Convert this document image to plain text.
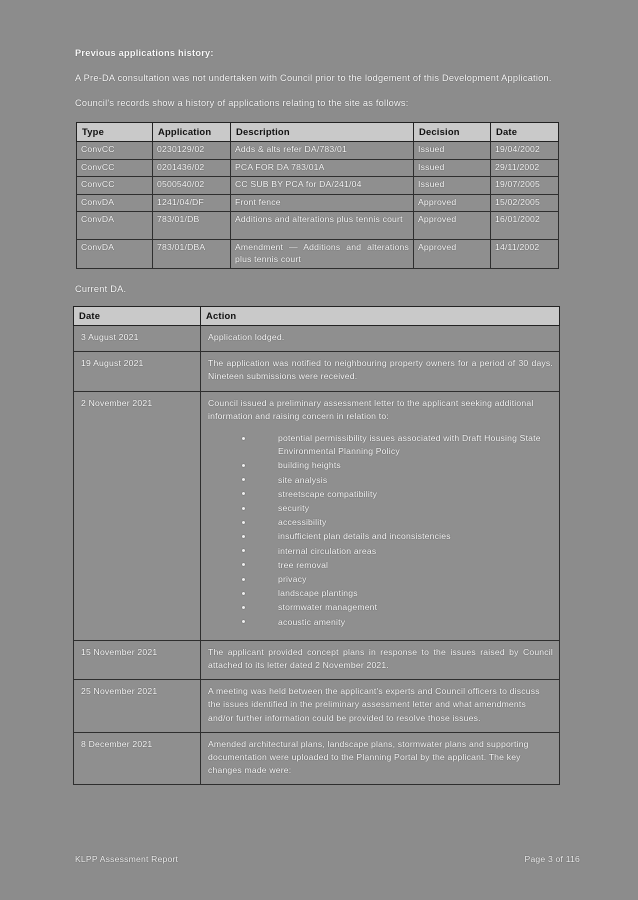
Previous applications history:

A Pre-DA consultation was not undertaken with Council prior to the lodgement of this Development Application.

Council's records show a history of applications relating to the site as follows:

Type	Application	Description	Decision	Date
ConvCC	0230129/02	Adds & alts refer DA/783/01	Issued	19/04/2002
ConvCC	0201436/02	PCA FOR DA 783/01A	Issued	29/11/2002
ConvCC	0500540/02	CC SUB BY PCA for DA/241/04	Issued	19/07/2005
ConvDA	1241/04/DF	Front fence	Approved	15/02/2005
ConvDA	783/01/DB	Additions and alterations plus tennis court	Approved	16/01/2002
ConvDA	783/01/DBA	Amendment — Additions and alterations plus tennis court	Approved	14/11/2002

Current DA.

Date	Action
3 August 2021	Application lodged.
19 August 2021	The application was notified to neighbouring property owners for a period of 30 days. Nineteen submissions were received.
2 November 2021	Council issued a preliminary assessment letter to the applicant seeking additional information and raising concern in relation to:
potential permissibility issues associated with Draft Housing State Environmental Planning Policy
building heights
site analysis
streetscape compatibility
security
accessibility
insufficient plan details and inconsistencies
internal circulation areas
tree removal
privacy
landscape plantings
stormwater management
acoustic amenity

15 November 2021	The applicant provided concept plans in response to the issues raised by Council attached to its letter dated 2 November 2021.
25 November 2021	A meeting was held between the applicant's experts and Council officers to discuss the issues identified in the preliminary assessment letter and what amendments and/or further information could be provided to resolve those issues.
8 December 2021	Amended architectural plans, landscape plans, stormwater plans and supporting documentation were uploaded to the Planning Portal by the applicant. The key changes made were:
KLPP Assessment Report	Page 3 of 116
